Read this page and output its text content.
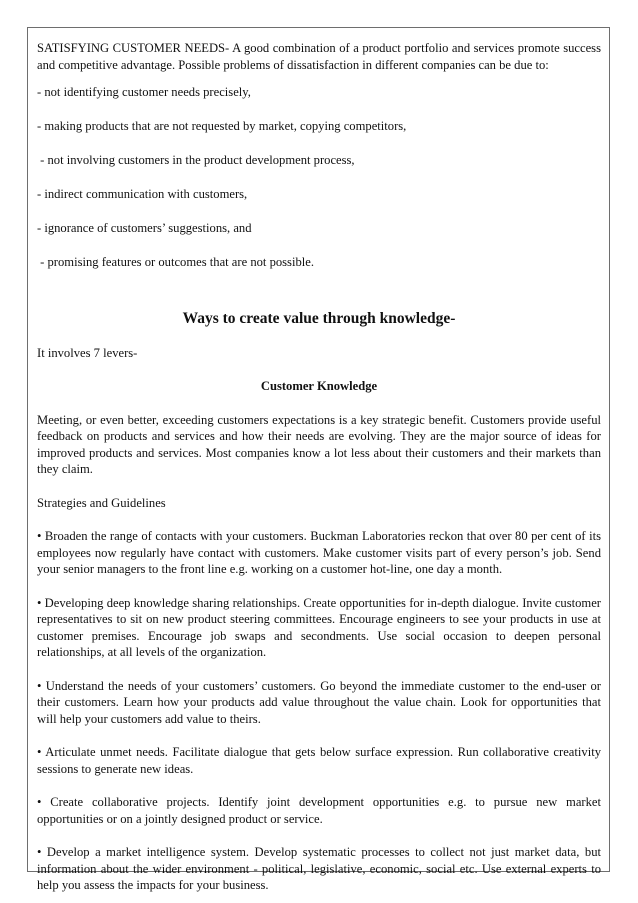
SATISFYING CUSTOMER NEEDS- A good combination of a product portfolio and services promote success and competitive advantage. Possible problems of dissatisfaction in different companies can be due to:

- not identifying customer needs precisely,

- making products that are not requested by market, copying competitors,

- not involving customers in the product development process,

- indirect communication with customers,

- ignorance of customers’ suggestions, and

- promising features or outcomes that are not possible.

Ways to create value through knowledge-

It involves 7 levers-

Customer Knowledge

Meeting, or even better, exceeding customers expectations is a key strategic benefit. Customers provide useful feedback on products and services and how their needs are evolving. They are the major source of ideas for improved products and services. Most companies know a lot less about their customers and their markets than they claim.

Strategies and Guidelines

• Broaden the range of contacts with your customers. Buckman Laboratories reckon that over 80 per cent of its employees now regularly have contact with customers. Make customer visits part of every person’s job. Send your senior managers to the front line e.g. working on a customer hot-line, one day a month.

• Developing deep knowledge sharing relationships. Create opportunities for in-depth dialogue. Invite customer representatives to sit on new product steering committees. Encourage engineers to see your products in use at customer premises. Encourage job swaps and secondments. Use social occasion to deepen personal relationships, at all levels of the organization.

• Understand the needs of your customers’ customers. Go beyond the immediate customer to the end-user or their customers. Learn how your products add value throughout the value chain. Look for opportunities that will help your customers add value to theirs.

• Articulate unmet needs. Facilitate dialogue that gets below surface expression. Run collaborative creativity sessions to generate new ideas.

• Create collaborative projects. Identify joint development opportunities e.g. to pursue new market opportunities or on a jointly designed product or service.

• Develop a market intelligence system. Develop systematic processes to collect not just market data, but information about the wider environment - political, legislative, economic, social etc. Use external experts to help you assess the impacts for your business.
